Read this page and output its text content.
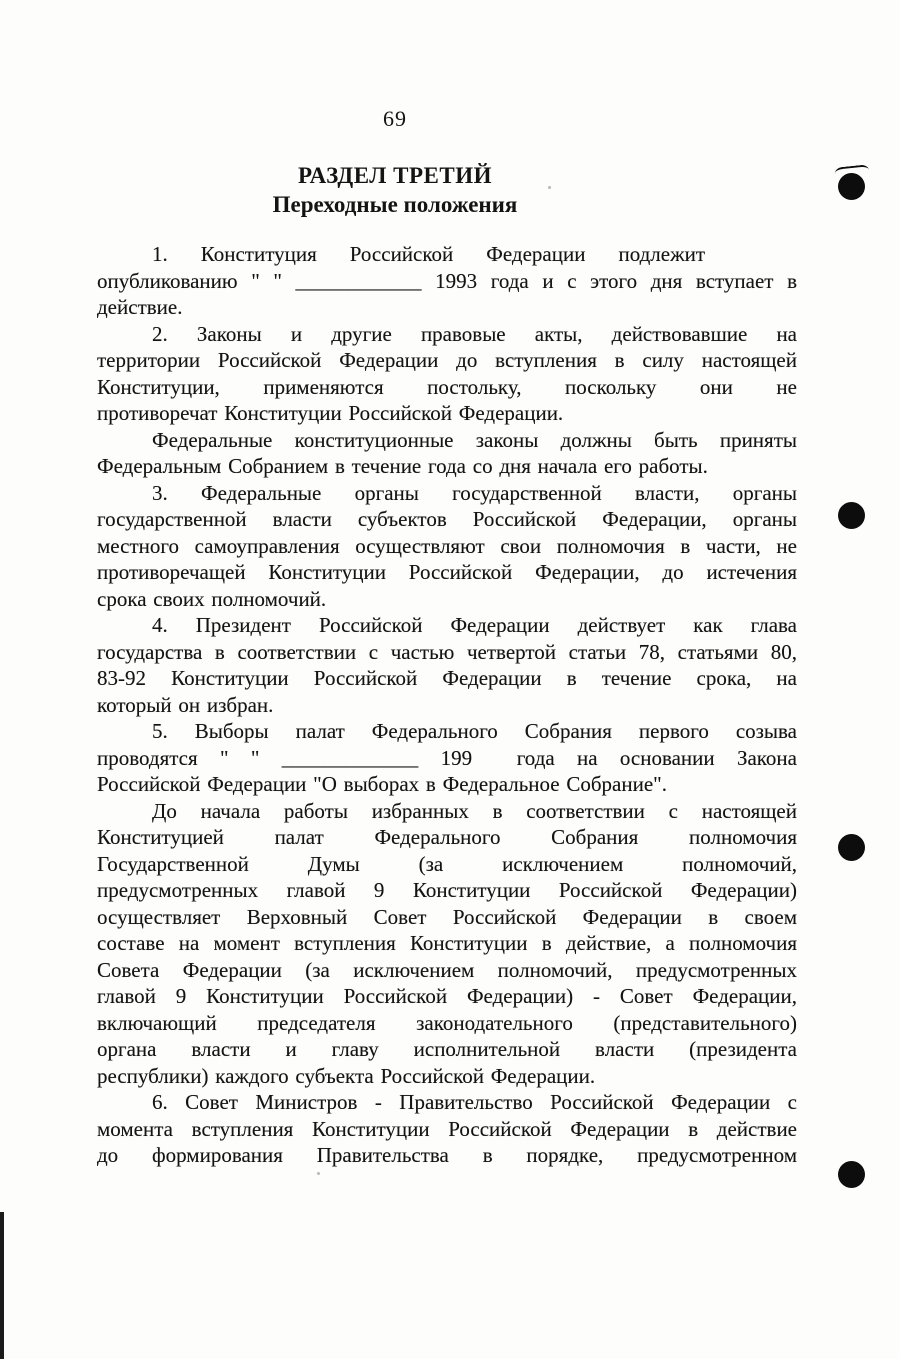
69
РАЗДЕЛ ТРЕТИЙ
Переходные положения
1. Конституция Российской Федерации подлежит
опубликованию " " ____________ 1993 года и с этого дня вступает в
действие.
2. Законы и другие правовые акты, действовавшие на
территории Российской Федерации до вступления в силу настоящей
Конституции, применяются постольку, поскольку они не
противоречат Конституции Российской Федерации.
Федеральные конституционные законы должны быть приняты
Федеральным Собранием в течение года со дня начала его работы.
3. Федеральные органы государственной власти, органы
государственной власти субъектов Российской Федерации, органы
местного самоуправления осуществляют свои полномочия в части, не
противоречащей Конституции Российской Федерации, до истечения
срока своих полномочий.
4. Президент Российской Федерации действует как глава
государства в соответствии с частью четвертой статьи 78, статьями 80,
83-92 Конституции Российской Федерации в течение срока, на
который он избран.
5. Выборы палат Федерального Собрания первого созыва
проводятся " " _____________ 199  года на основании Закона
Российской Федерации "О выборах в Федеральное Собрание".
До начала работы избранных в соответствии с настоящей
Конституцией палат Федерального Собрания полномочия
Государственной Думы (за исключением полномочий,
предусмотренных главой 9 Конституции Российской Федерации)
осуществляет Верховный Совет Российской Федерации в своем
составе на момент вступления Конституции в действие, а полномочия
Совета Федерации (за исключением полномочий, предусмотренных
главой 9 Конституции Российской Федерации) - Совет Федерации,
включающий председателя законодательного (представительного)
органа власти и главу исполнительной власти (президента
республики) каждого субъекта Российской Федерации.
6. Совет Министров - Правительство Российской Федерации с
момента вступления Конституции Российской Федерации в действие
до формирования Правительства в порядке, предусмотренном
